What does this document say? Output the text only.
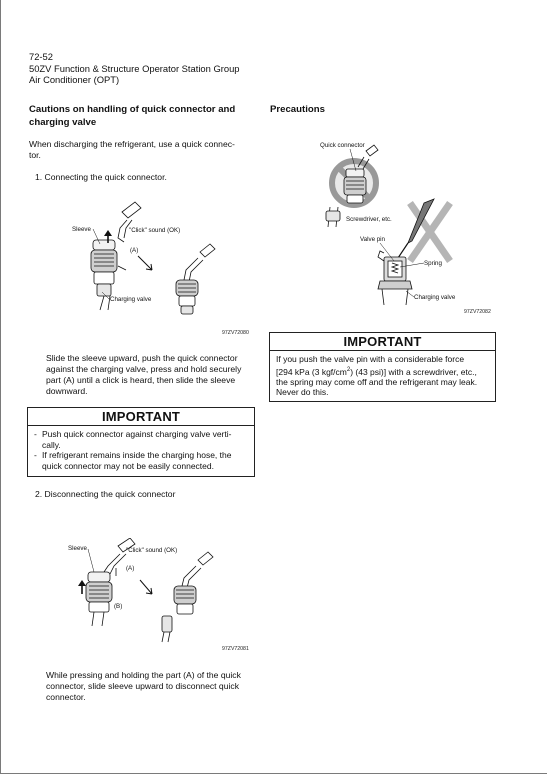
72-52
50ZV Function & Structure Operator Station Group
Air Conditioner (OPT)
Cautions on handling of quick connector and
charging valve
When discharging the refrigerant, use a quick connec-
tor.
1. Connecting the quick connector.
Sleeve	"Click" sound (OK)
(A)
Charging valve
97ZV72080
Slide the sleeve upward, push the quick connector
against the charging valve, press and hold securely
part (A) until a click is heard, then slide the sleeve
downward.
IMPORTANT
- Push quick connector against charging valve verti-
cally.
- If refrigerant remains inside the charging hose, the
quick connector may not be easily connected.
2. Disconnecting the quick connector
Sleeve	"Click" sound (OK)
(A)
(B)
97ZV72081
While pressing and holding the part (A) of the quick
connector, slide sleeve upward to disconnect quick
connector.
Precautions
Quick connector
Screwdriver, etc.
Valve pin
Spring
Charging valve
97ZV72082
IMPORTANT
If you push the valve pin with a considerable force
[294 kPa (3 kgf/$cm^2$) (43 psi)] with a screwdriver, etc.,
the spring may come off and the refrigerant may leak.
Never do this.
